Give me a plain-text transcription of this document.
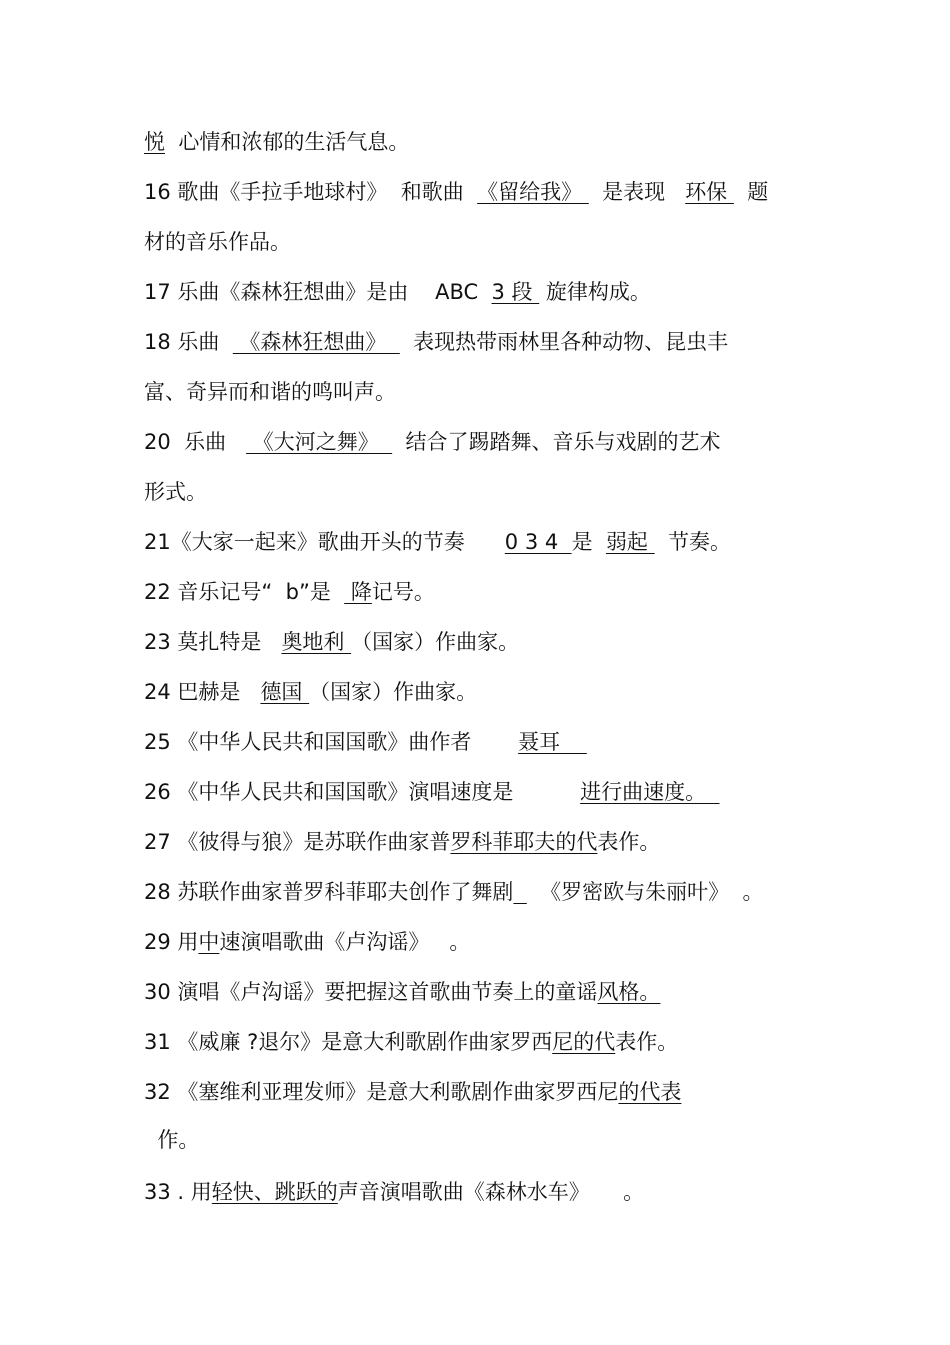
悦  心情和浓郁的生活气息。
16 歌曲《手拉手地球村》  和歌曲  《留给我》   是表现   环保   题
材的音乐作品。
17 乐曲《森林狂想曲》是由    ABC  3 段  旋律构成。
18 乐曲   《森林狂想曲》    表现热带雨林里各种动物、昆虫丰
富、奇异而和谐的鸣叫声。
20  乐曲    《大河之舞》    结合了踢踏舞、音乐与戏剧的艺术
形式。
21《大家一起来》歌曲开头的节奏      0 3 4  是  弱起   节奏。
22 音乐记号“  b”是   降记号。
23 莫扎特是   奥地利 （国家）作曲家。
24 巴赫是   德国 （国家）作曲家。
25 《中华人民共和国国歌》曲作者       聂耳
26 《中华人民共和国国歌》演唱速度是          进行曲速度。
27 《彼得与狼》是苏联作曲家普罗科菲耶夫的代表作。
28 苏联作曲家普罗科菲耶夫创作了舞剧    《罗密欧与朱丽叶》  。
29 用中速演唱歌曲《卢沟谣》   。
30 演唱《卢沟谣》要把握这首歌曲节奏上的童谣风格。
31 《威廉 ?退尔》是意大利歌剧作曲家罗西尼的代表作。
32 《塞维利亚理发师》是意大利歌剧作曲家罗西尼的代表
作。
33 . 用轻快、跳跃的声音演唱歌曲《森林水车》     。
